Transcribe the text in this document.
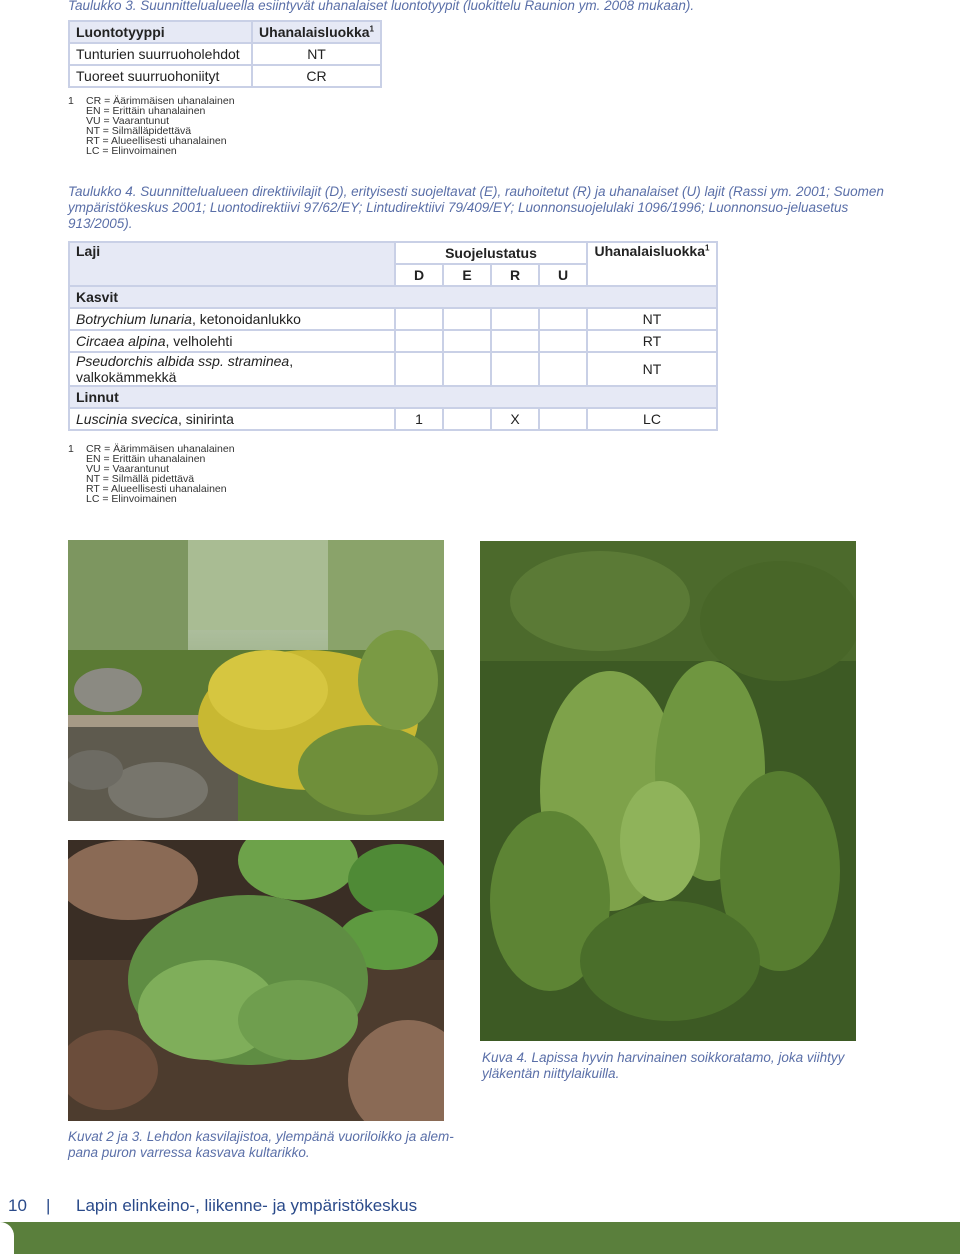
Taulukko 3. Suunnittelualueella esiintyvät uhanalaiset luontotyypit (luokittelu Raunion ym. 2008 mukaan).
Luontotyyppi	Uhanalaisluokka$^1$
Tunturien suurruoholehdot	NT
Tuoreet suurruohoniityt	CR
1 CR = Äärimmäisen uhanalainen
EN = Erittäin uhanalainen
VU = Vaarantunut
NT = Silmälläpidettävä
RT = Alueellisesti uhanalainen
LC = Elinvoimainen
Taulukko 4. Suunnittelualueen direktiivilajit (D), erityisesti suojeltavat (E), rauhoitetut (R) ja uhanalaiset (U) lajit (Rassi ym. 2001; Suomen ympäristökeskus 2001; Luontodirektiivi 97/62/EY; Lintudirektiivi 79/409/EY; Luonnonsuojelulaki 1096/1996; Luonnonsuo-jeluasetus 913/2005).
Laji	Suojelustatus				Uhanalaisluokka$^1$
	D	E	R	U	
Kasvit					
Botrychium lunaria, ketonoidanlukko					NT
Circaea alpina, velholehti					RT
Pseudorchis albida ssp. straminea, valkokämmekkä					NT
Linnut					
Luscinia svecica, sinirinta	1		X		LC
1 CR = Äärimmäisen uhanalainen
EN = Erittäin uhanalainen
VU = Vaarantunut
NT = Silmällä pidettävä
RT = Alueellisesti uhanalainen
LC = Elinvoimainen
Kuva 4. Lapissa hyvin harvinainen soikkoratamo, joka viihtyy yläkentän niittylaikuilla.
Kuvat 2 ja 3. Lehdon kasvilajistoa, ylempänä vuoriloikko ja alem-pana puron varressa kasvava kultarikko.
10 | Lapin elinkeino-, liikenne- ja ympäristökeskus
